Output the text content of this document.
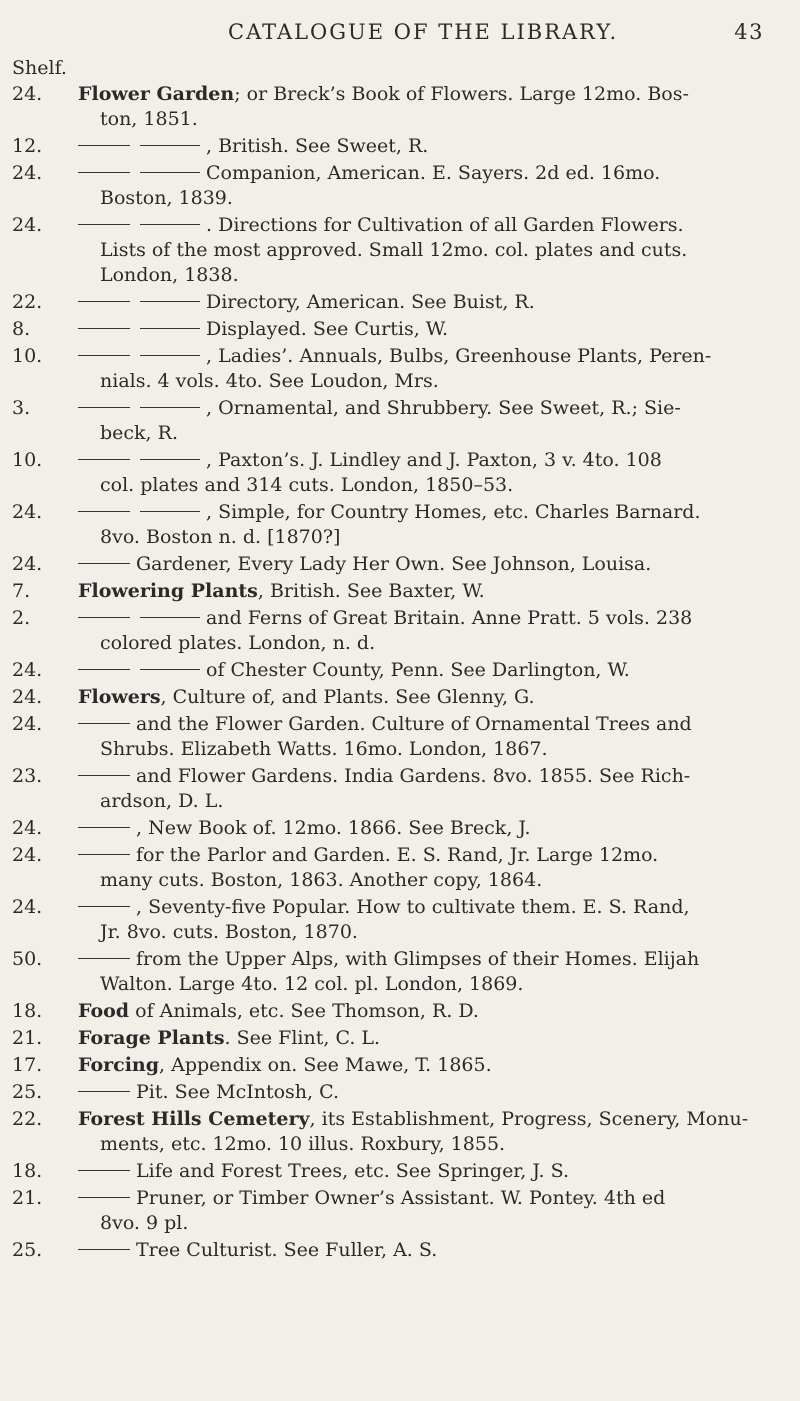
CATALOGUE OF THE LIBRARY.	43
Shelf.
24.	Flower Garden; or Breck’s Book of Flowers. Large 12mo. Bos-
ton, 1851.
12.	, British. See Sweet, R.
24.	Companion, American. E. Sayers. 2d ed. 16mo.
Boston, 1839.
24.	. Directions for Cultivation of all Garden Flowers.
Lists of the most approved. Small 12mo. col. plates and cuts.
London, 1838.
22.	Directory, American. See Buist, R.
8.	Displayed. See Curtis, W.
10.	, Ladies’. Annuals, Bulbs, Greenhouse Plants, Peren-
nials. 4 vols. 4to. See Loudon, Mrs.
3.	, Ornamental, and Shrubbery. See Sweet, R.; Sie-
beck, R.
10.	, Paxton’s. J. Lindley and J. Paxton, 3 v. 4to. 108
col. plates and 314 cuts. London, 1850–53.
24.	, Simple, for Country Homes, etc. Charles Barnard.
8vo. Boston n. d. [1870?]
24.	Gardener, Every Lady Her Own. See Johnson, Louisa.
7.	Flowering Plants, British. See Baxter, W.
2.	and Ferns of Great Britain. Anne Pratt. 5 vols. 238
colored plates. London, n. d.
24.	of Chester County, Penn. See Darlington, W.
24.	Flowers, Culture of, and Plants. See Glenny, G.
24.	and the Flower Garden. Culture of Ornamental Trees and
Shrubs. Elizabeth Watts. 16mo. London, 1867.
23.	and Flower Gardens. India Gardens. 8vo. 1855. See Rich-
ardson, D. L.
24.	, New Book of. 12mo. 1866. See Breck, J.
24.	for the Parlor and Garden. E. S. Rand, Jr. Large 12mo.
many cuts. Boston, 1863. Another copy, 1864.
24.	, Seventy-five Popular. How to cultivate them. E. S. Rand,
Jr. 8vo. cuts. Boston, 1870.
50.	from the Upper Alps, with Glimpses of their Homes. Elijah
Walton. Large 4to. 12 col. pl. London, 1869.
18.	Food of Animals, etc. See Thomson, R. D.
21.	Forage Plants. See Flint, C. L.
17.	Forcing, Appendix on. See Mawe, T. 1865.
25.	Pit. See McIntosh, C.
22.	Forest Hills Cemetery, its Establishment, Progress, Scenery, Monu-
ments, etc. 12mo. 10 illus. Roxbury, 1855.
18.	Life and Forest Trees, etc. See Springer, J. S.
21.	Pruner, or Timber Owner’s Assistant. W. Pontey. 4th ed
8vo. 9 pl.
25.	Tree Culturist. See Fuller, A. S.
